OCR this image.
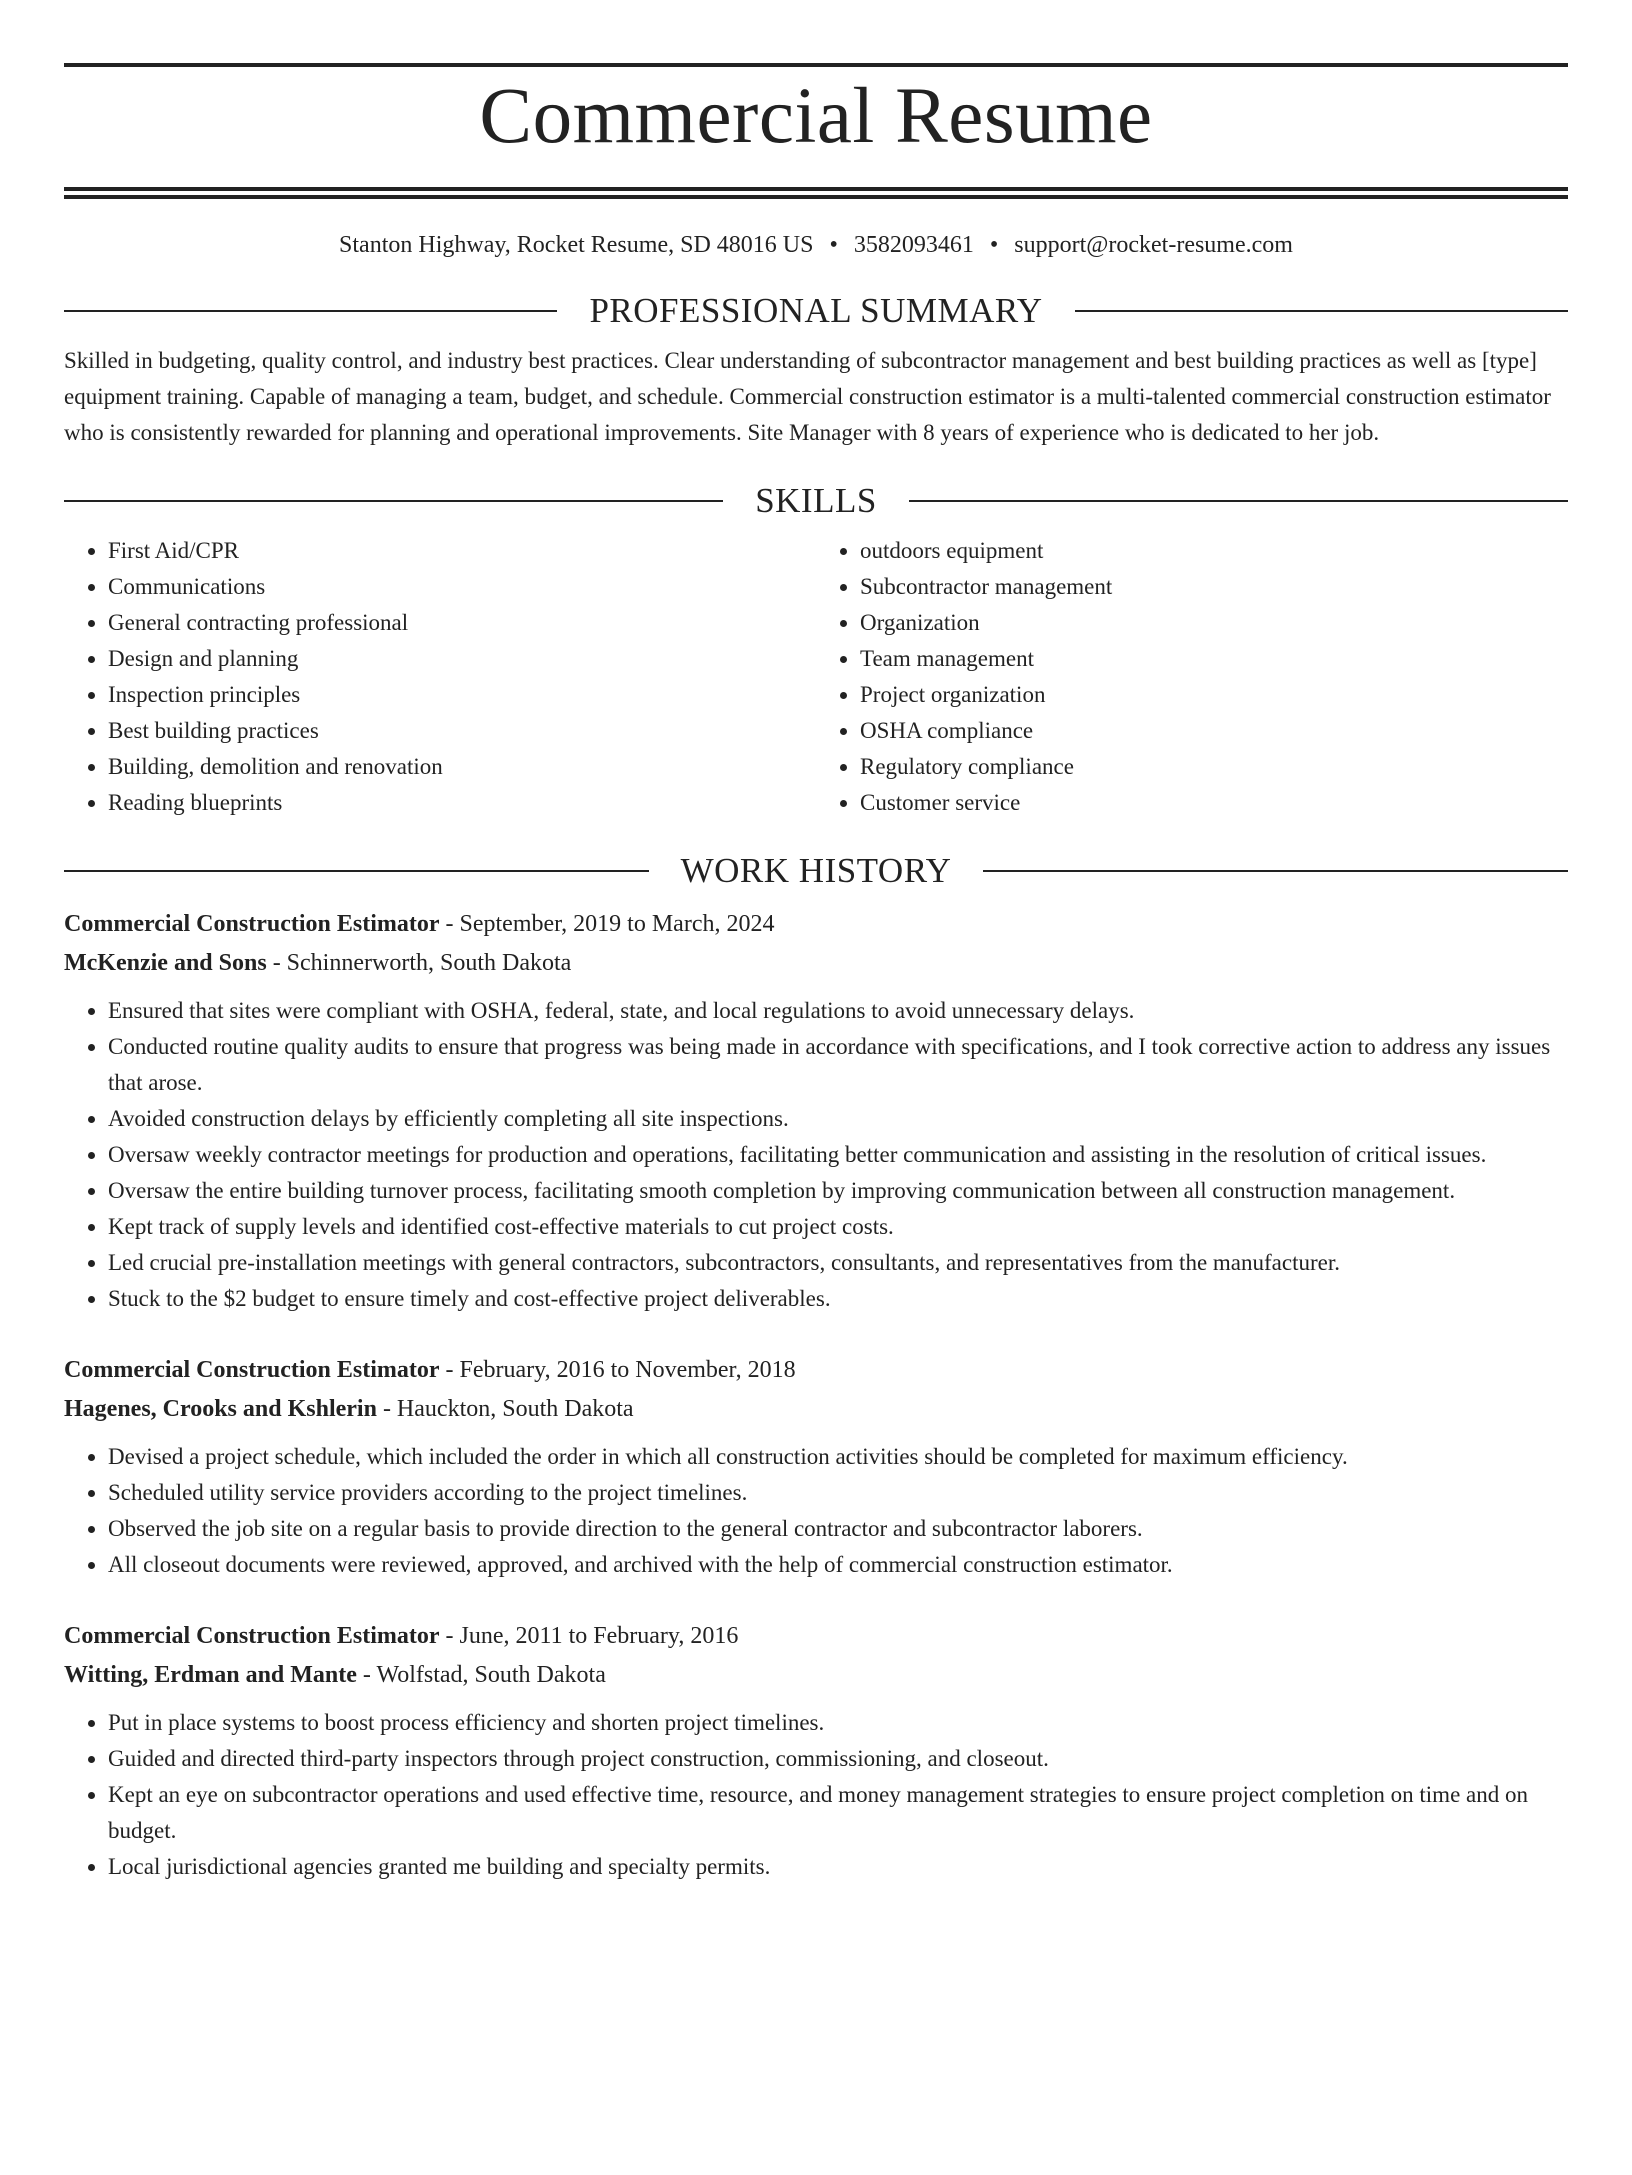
Commercial Resume
Stanton Highway, Rocket Resume, SD 48016 US • 3582093461 • support@rocket-resume.com
PROFESSIONAL SUMMARY
Skilled in budgeting, quality control, and industry best practices. Clear understanding of subcontractor management and best building practices as well as [type] equipment training. Capable of managing a team, budget, and schedule. Commercial construction estimator is a multi-talented commercial construction estimator who is consistently rewarded for planning and operational improvements. Site Manager with 8 years of experience who is dedicated to her job.
SKILLS
• First Aid/CPR
• Communications
• General contracting professional
• Design and planning
• Inspection principles
• Best building practices
• Building, demolition and renovation
• Reading blueprints
• outdoors equipment
• Subcontractor management
• Organization
• Team management
• Project organization
• OSHA compliance
• Regulatory compliance
• Customer service
WORK HISTORY
Commercial Construction Estimator - September, 2019 to March, 2024
McKenzie and Sons - Schinnerworth, South Dakota
• Ensured that sites were compliant with OSHA, federal, state, and local regulations to avoid unnecessary delays.
• Conducted routine quality audits to ensure that progress was being made in accordance with specifications, and I took corrective action to address any issues that arose.
• Avoided construction delays by efficiently completing all site inspections.
• Oversaw weekly contractor meetings for production and operations, facilitating better communication and assisting in the resolution of critical issues.
• Oversaw the entire building turnover process, facilitating smooth completion by improving communication between all construction management.
• Kept track of supply levels and identified cost-effective materials to cut project costs.
• Led crucial pre-installation meetings with general contractors, subcontractors, consultants, and representatives from the manufacturer.
• Stuck to the $2 budget to ensure timely and cost-effective project deliverables.
Commercial Construction Estimator - February, 2016 to November, 2018
Hagenes, Crooks and Kshlerin - Hauckton, South Dakota
• Devised a project schedule, which included the order in which all construction activities should be completed for maximum efficiency.
• Scheduled utility service providers according to the project timelines.
• Observed the job site on a regular basis to provide direction to the general contractor and subcontractor laborers.
• All closeout documents were reviewed, approved, and archived with the help of commercial construction estimator.
Commercial Construction Estimator - June, 2011 to February, 2016
Witting, Erdman and Mante - Wolfstad, South Dakota
• Put in place systems to boost process efficiency and shorten project timelines.
• Guided and directed third-party inspectors through project construction, commissioning, and closeout.
• Kept an eye on subcontractor operations and used effective time, resource, and money management strategies to ensure project completion on time and on budget.
• Local jurisdictional agencies granted me building and specialty permits.
